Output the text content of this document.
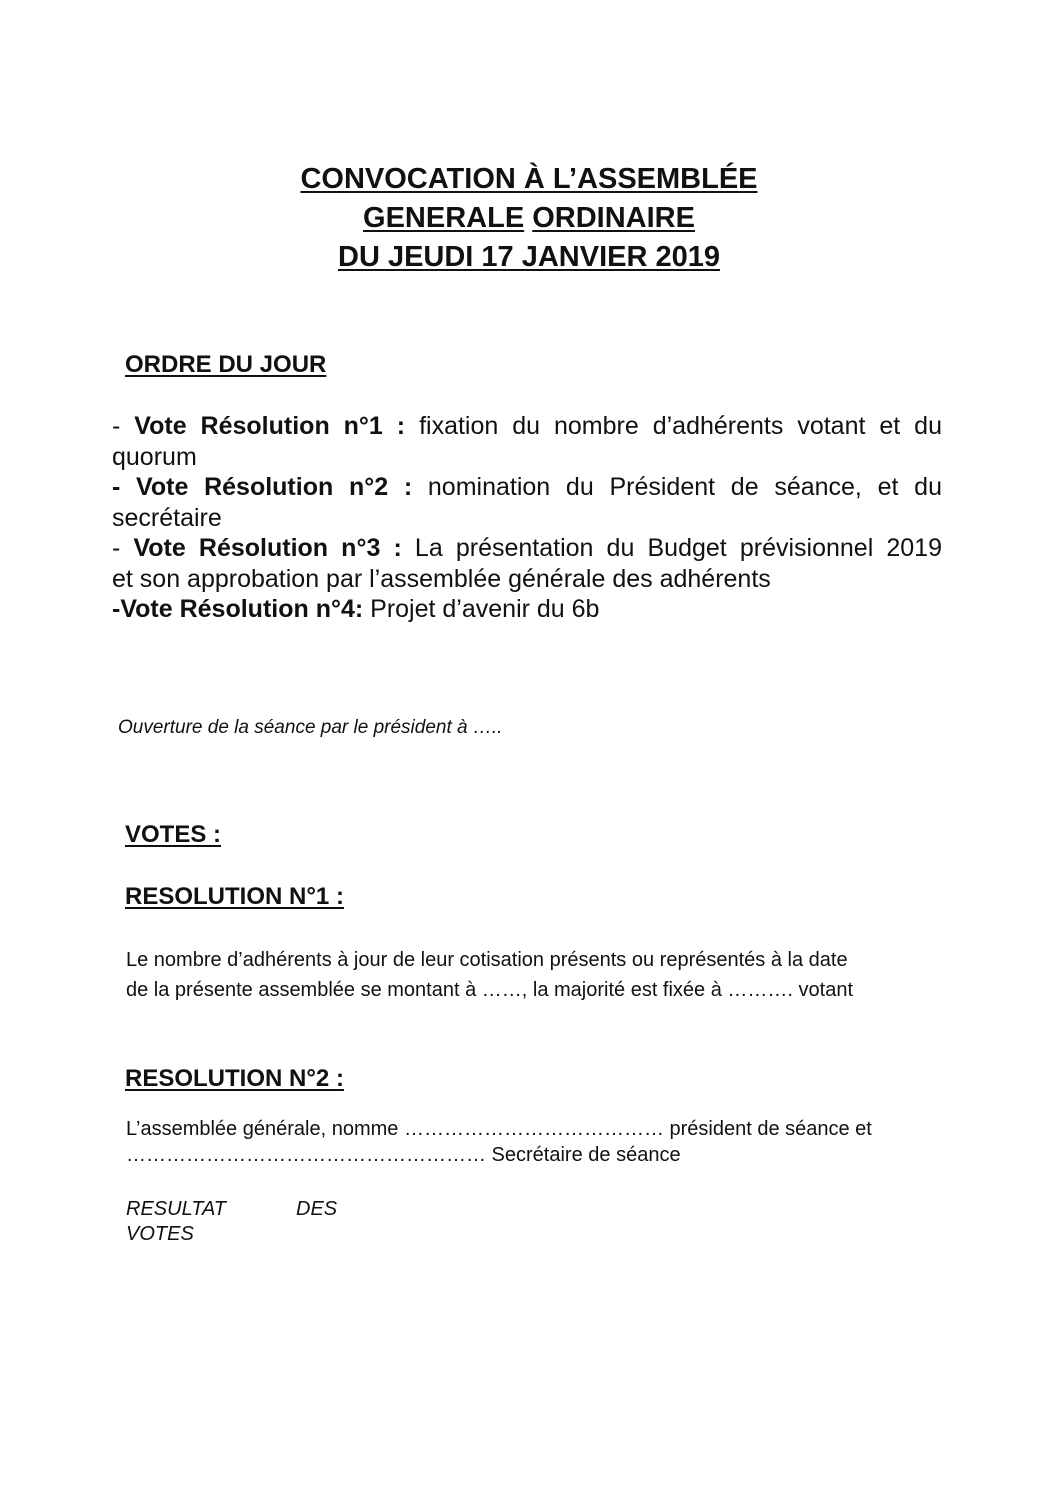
CONVOCATION À L’ASSEMBLÉE
GENERALE ORDINAIRE
DU JEUDI 17 JANVIER 2019
ORDRE DU JOUR

- Vote Résolution n°1 : fixation du nombre d’adhérents votant et du

quorum

- Vote Résolution n°2 : nomination du Président de séance, et du

secrétaire

- Vote Résolution n°3 : La présentation du Budget prévisionnel 2019

et son approbation par l’assemblée générale des adhérents

-Vote Résolution n°4: Projet d’avenir du 6b

Ouverture de la séance par le président à …..
VOTES :
RESOLUTION N°1 :

Le nombre d’adhérents à jour de leur cotisation présents ou représentés à la date

de la présente assemblée se montant à ……, la majorité est fixée à ………. votant

RESOLUTION N°2 :

L’assemblée générale, nomme ………………………………… président de séance et

……………………………………………… Secrétaire de séance

RESULTAT	DES
VOTES
